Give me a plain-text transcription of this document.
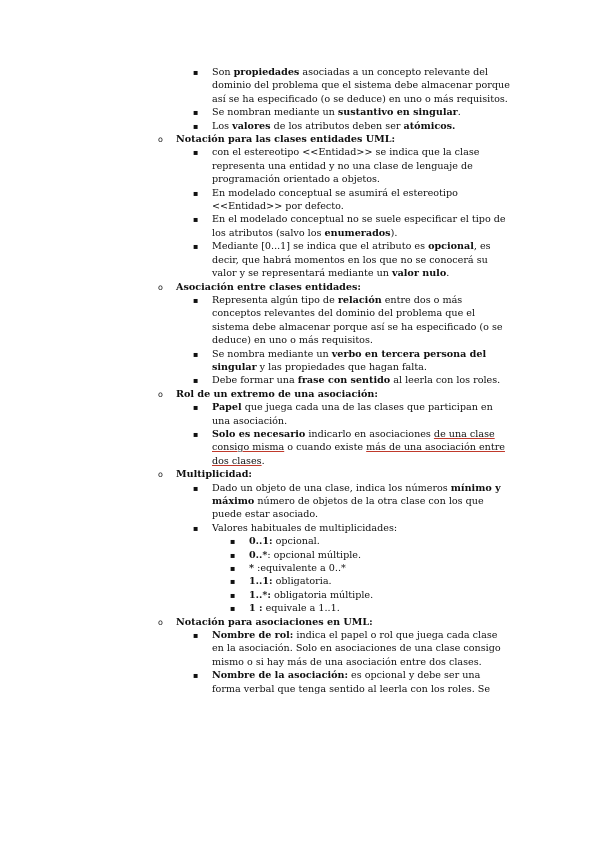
▪ Son propiedades asociadas a un concepto relevante del dominio del problema que el sistema debe almacenar porque así se ha especificado (o se deduce) en uno o más requisitos.
▪ Se nombran mediante un sustantivo en singular.
▪ Los valores de los atributos deben ser atómicos.
o Notación para las clases entidades UML:
▪ con el estereotipo <<Entidad>> se indica que la clase representa una entidad y no una clase de lenguaje de programación orientado a objetos.
▪ En modelado conceptual se asumirá el estereotipo <<Entidad>> por defecto.
▪ En el modelado conceptual no se suele especificar el tipo de los atributos (salvo los enumerados).
▪ Mediante [0...1] se indica que el atributo es opcional, es decir, que habrá momentos en los que no se conocerá su valor y se representará mediante un valor nulo.
o Asociación entre clases entidades:
▪ Representa algún tipo de relación entre dos o más conceptos relevantes del dominio del problema que el sistema debe almacenar porque así se ha especificado (o se deduce) en uno o más requisitos.
▪ Se nombra mediante un verbo en tercera persona del singular y las propiedades que hagan falta.
▪ Debe formar una frase con sentido al leerla con los roles.
o Rol de un extremo de una asociación:
▪ Papel que juega cada una de las clases que participan en una asociación.
▪ Solo es necesario indicarlo en asociaciones de una clase consigo misma o cuando existe más de una asociación entre dos clases.
o Multiplicidad:
▪ Dado un objeto de una clase, indica los números mínimo y máximo número de objetos de la otra clase con los que puede estar asociado.
▪ Valores habituales de multiplicidades:
▪ 0..1: opcional.
▪ 0..*: opcional múltiple.
▪ * :equivalente a 0..*
▪ 1..1: obligatoria.
▪ 1..*: obligatoria múltiple.
▪ 1 : equivale a 1..1.
o Notación para asociaciones en UML:
▪ Nombre de rol: indica el papel o rol que juega cada clase en la asociación. Solo en asociaciones de una clase consigo mismo o si hay más de una asociación entre dos clases.
▪ Nombre de la asociación: es opcional y debe ser una forma verbal que tenga sentido al leerla con los roles. Se
